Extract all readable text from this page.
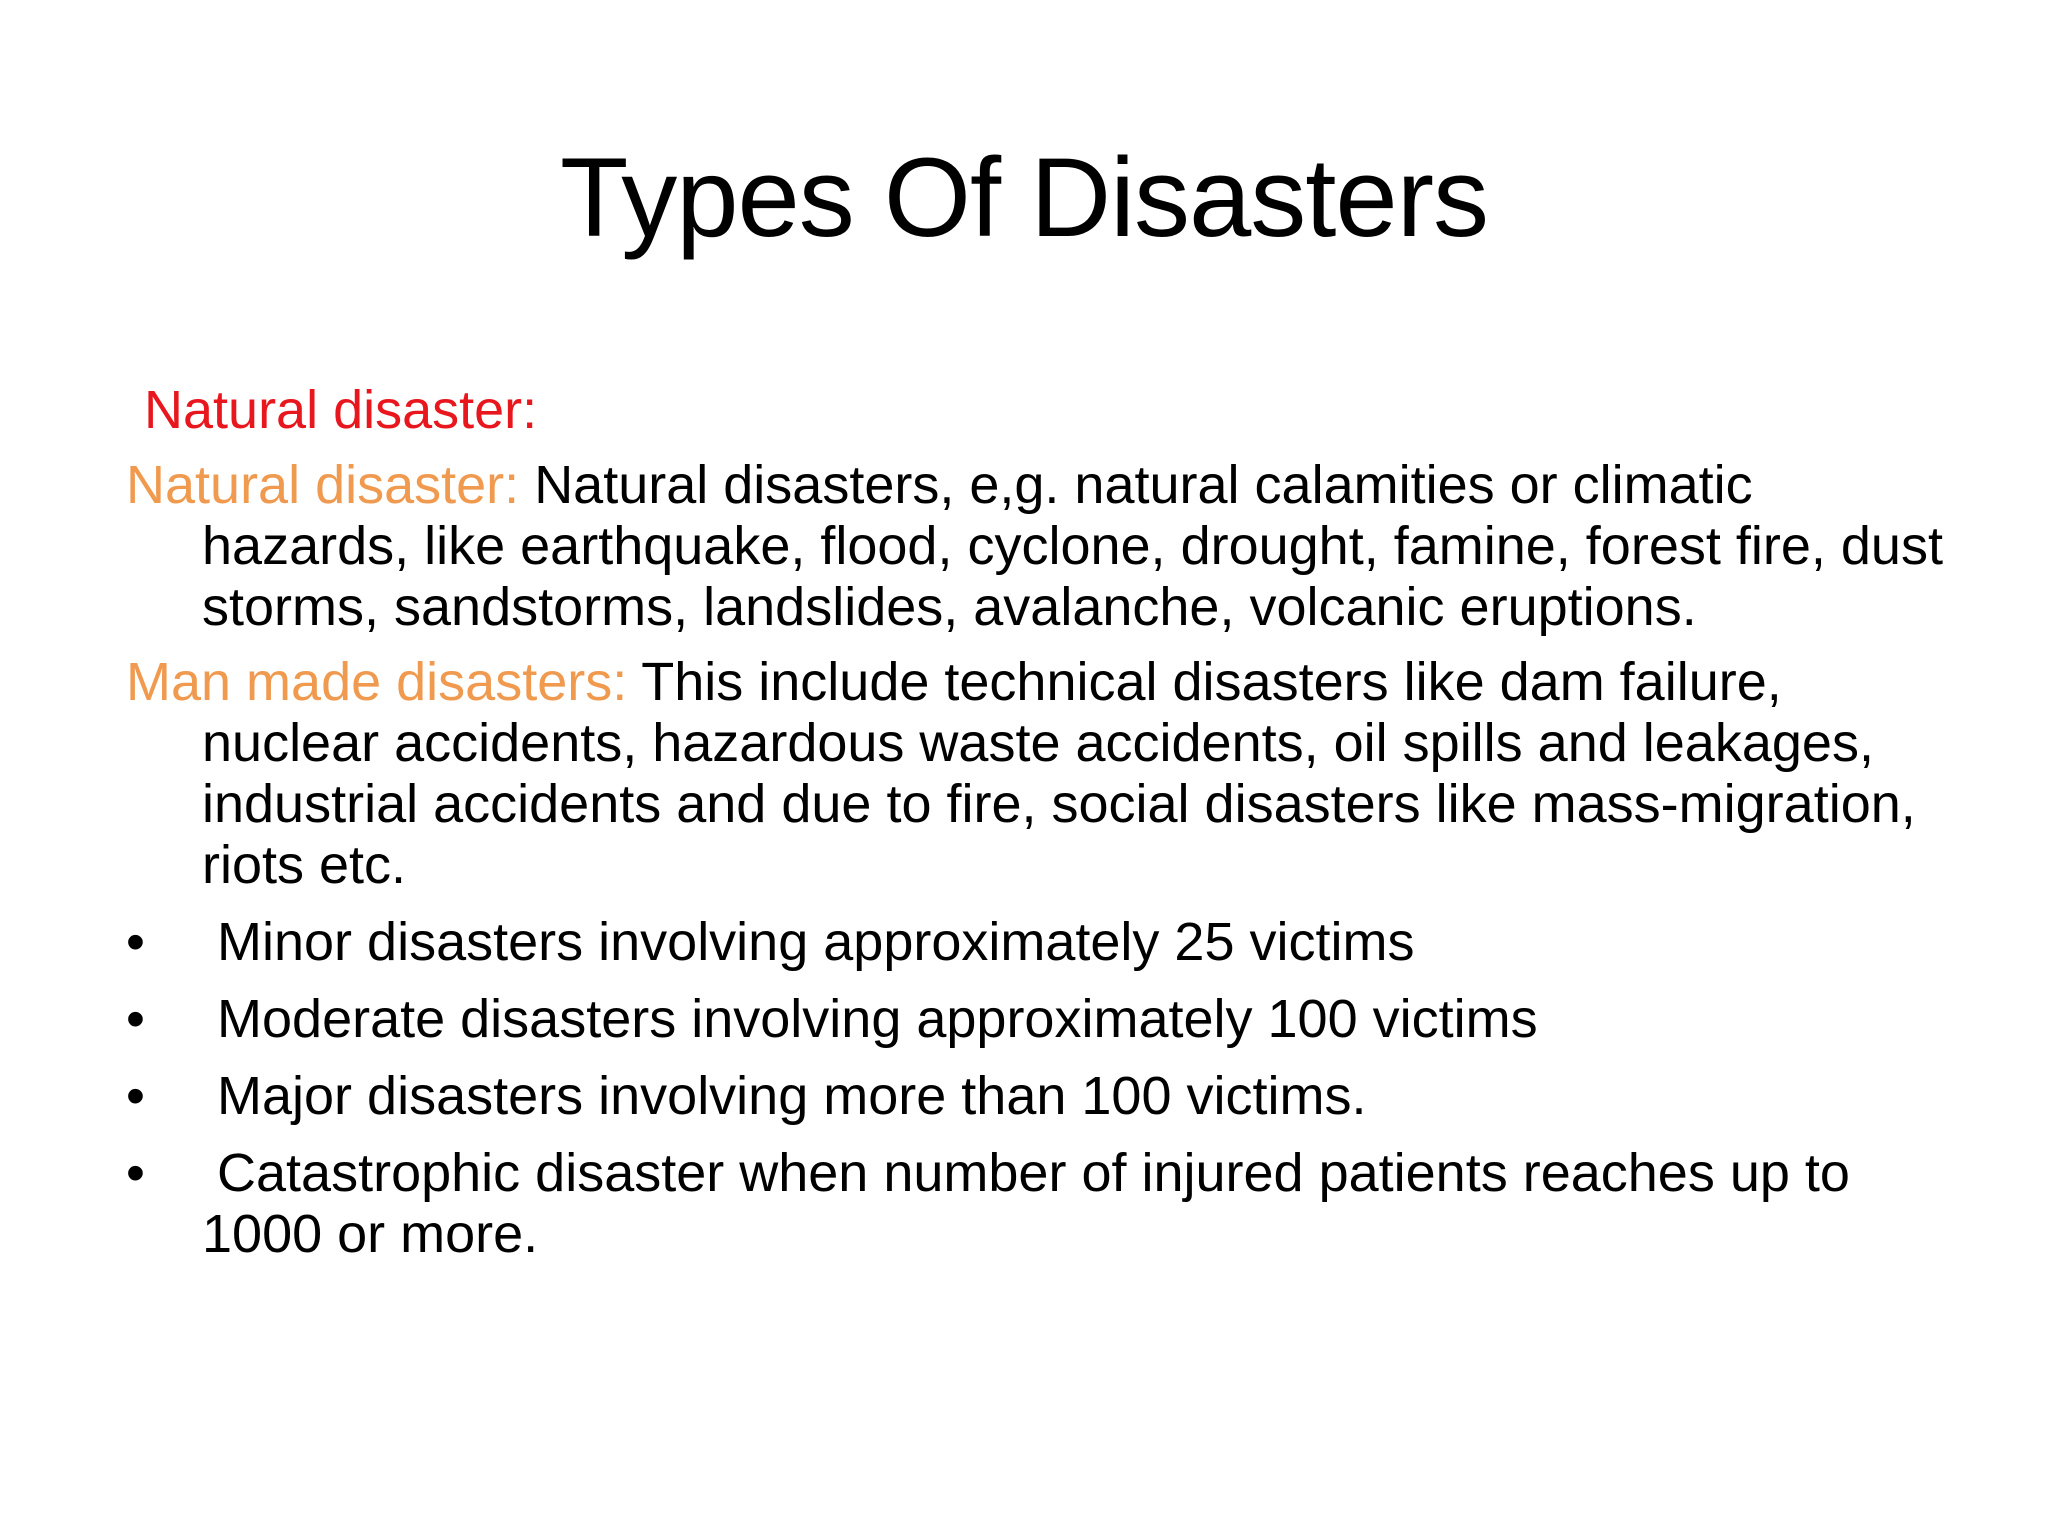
Types Of Disasters
Natural disaster:
Natural disaster: Natural disasters, e,g. natural calamities or climatic hazards, like earthquake, flood, cyclone, drought, famine, forest fire, dust storms, sandstorms, landslides, avalanche, volcanic eruptions.
Man made disasters: This include technical disasters like dam failure, nuclear accidents, hazardous waste accidents, oil spills and leakages, industrial accidents and due to fire, social disasters like mass-migration, riots etc.
•	Minor disasters involving approximately 25 victims
•	Moderate disasters involving approximately 100 victims
•	Major disasters involving more than 100 victims.
•	Catastrophic disaster when number of injured patients reaches up to 1000 or more.
